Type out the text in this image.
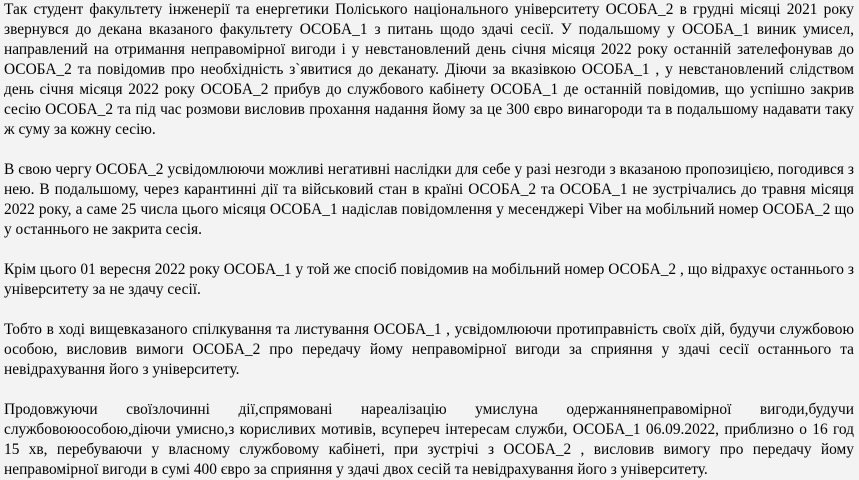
Так студент факультету інженерії та енергетики Поліського національного університету ОСОБА_2 в грудні місяці 2021 року звернувся до декана вказаного факультету ОСОБА_1 з питань щодо здачі сесії. У подальшому у ОСОБА_1 виник умисел, направлений на отримання неправомірної вигоди і у невстановлений день січня місяця 2022 року останній зателефонував до ОСОБА_2 та повідомив про необхідність з`явитися до деканату. Діючи за вказівкою ОСОБА_1 , у невстановлений слідством день січня місяця 2022 року ОСОБА_2 прибув до службового кабінету ОСОБА_1 де останній повідомив, що успішно закрив сесію ОСОБА_2 та під час розмови висловив прохання надання йому за це 300 євро винагороди та в подальшому надавати таку ж суму за кожну сесію.

В свою чергу ОСОБА_2 усвідомлюючи можливі негативні наслідки для себе у разі незгоди з вказаною пропозицією, погодився з нею. В подальшому, через карантинні дії та військовий стан в країні ОСОБА_2 та ОСОБА_1 не зустрічались до травня місяця 2022 року, а саме 25 числа цього місяця ОСОБА_1 надіслав повідомлення у месенджері Viber на мобільний номер ОСОБА_2 що у останнього не закрита сесія.

Крім цього 01 вересня 2022 року ОСОБА_1 у той же спосіб повідомив на мобільний номер ОСОБА_2 , що відрахує останнього з університету за не здачу сесії.

Тобто в ході вищевказаного спілкування та листування ОСОБА_1 , усвідомлюючи протиправність своїх дій, будучи службовою особою, висловив вимоги ОСОБА_2 про передачу йому неправомірної вигоди за сприяння у здачі сесії останнього та невідрахування його з університету.

Продовжуючи своїзлочинні дії,спрямовані нареалізацію умислуна одержаннянеправомірної вигоди,будучи службовоюособою,діючи умисно,з корисливих мотивів, всупереч інтересам служби, ОСОБА_1 06.09.2022, приблизно о 16 год 15 хв, перебуваючи у власному службовому кабінеті, при зустрічі з ОСОБА_2 , висловив вимогу про передачу йому неправомірної вигоди в сумі 400 євро за сприяння у здачі двох сесій та невідрахування його з університету.
